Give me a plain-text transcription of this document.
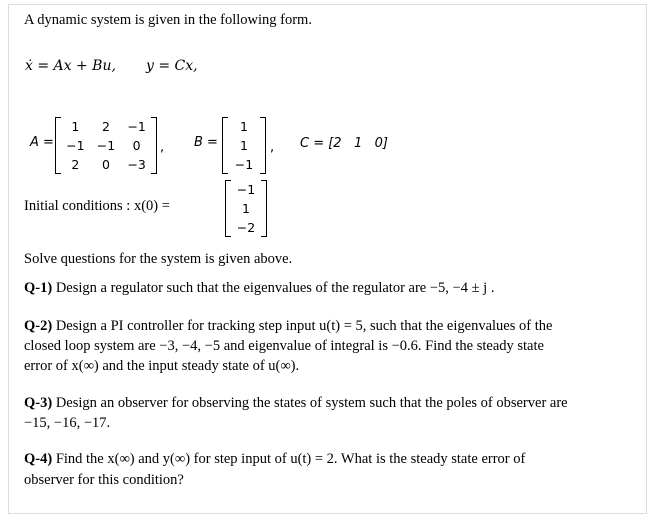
A dynamic system is given in the following form.
ẋ = Ax + Bu, y = Cx,
A =
1	2	−1
−1	−1	0
2	0	−3
, B =
1
1
−1
, C = [2   1   0]
Initial conditions : x(0) =
−1
1
−2
Solve questions for the system is given above.
Q-1) Design a regulator such that the eigenvalues of the regulator are −5, −4 ± j .
Q-2) Design a PI controller for tracking step input u(t) = 5, such that the eigenvalues of the
closed loop system are −3, −4, −5 and eigenvalue of integral is −0.6. Find the steady state
error of x(∞) and the input steady state of u(∞).
Q-3) Design an observer for observing the states of system such that the poles of observer are
−15, −16, −17.
Q-4) Find the x(∞) and y(∞) for step input of u(t) = 2. What is the steady state error of
observer for this condition?
